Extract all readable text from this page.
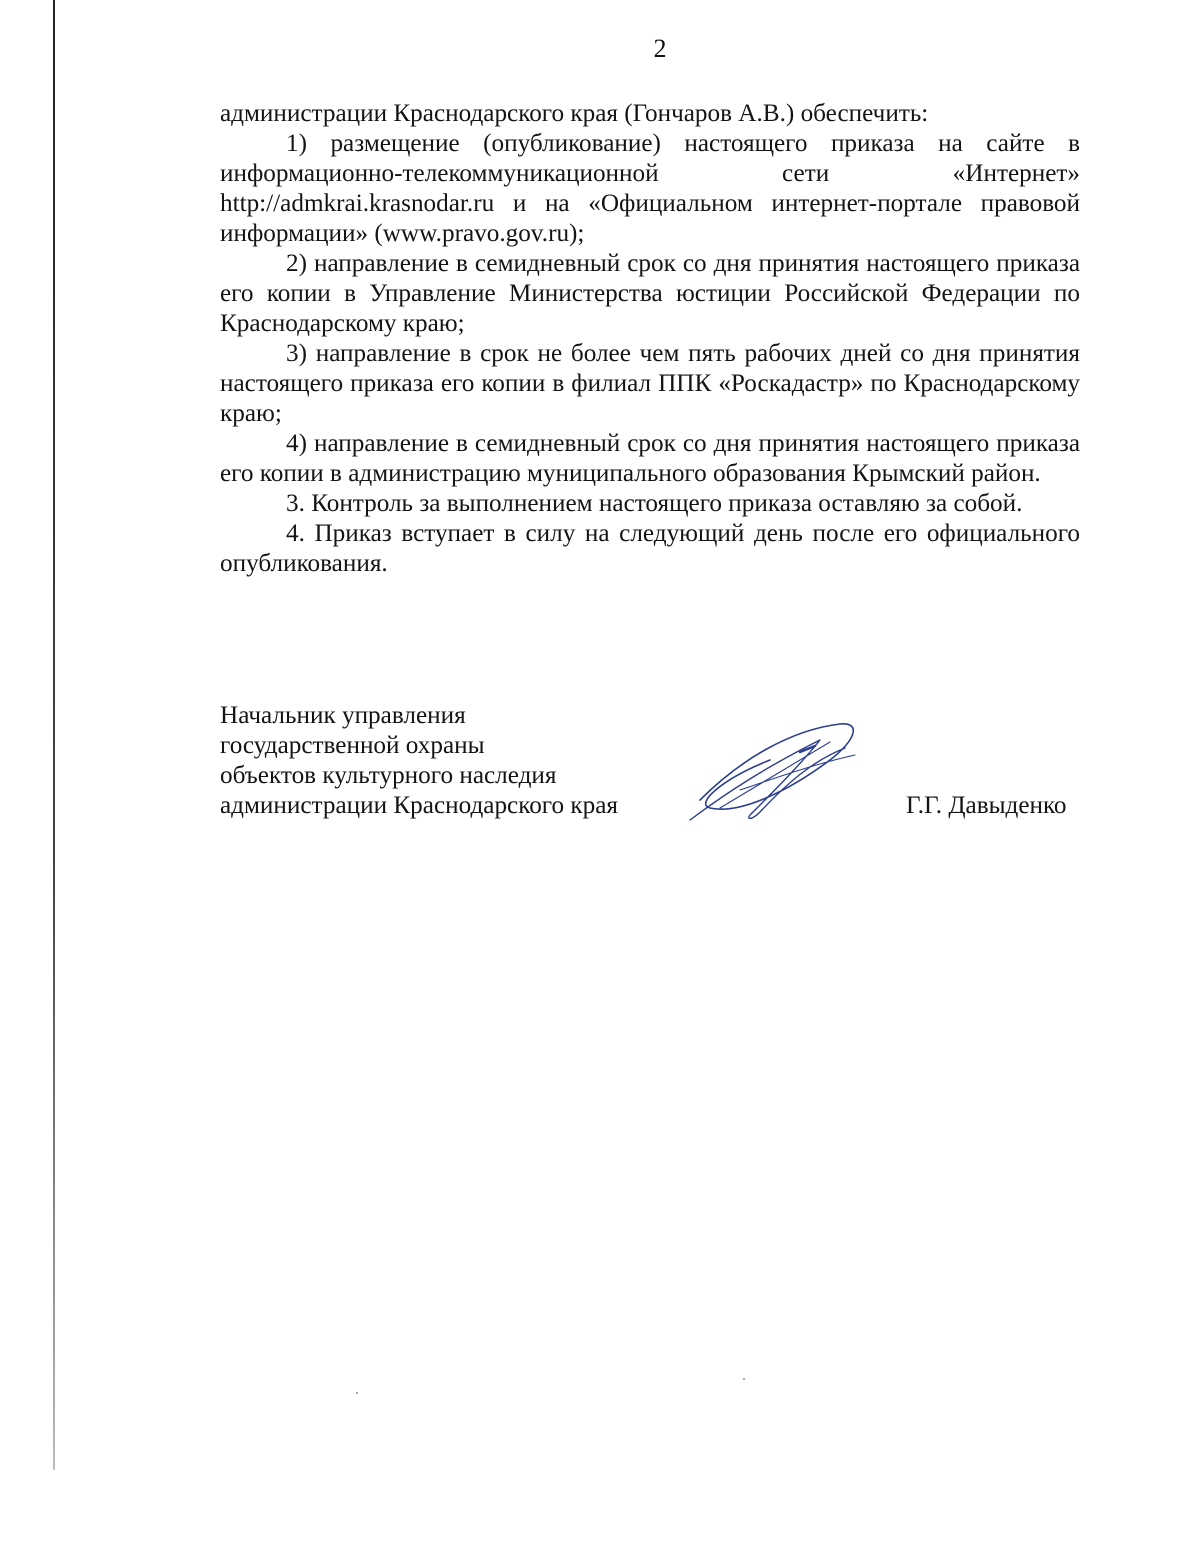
2

администрации Краснодарского края (Гончаров А.В.) обеспечить:

1) размещение (опубликование) настоящего приказа на сайте в информационно-телекоммуникационной сети «Интернет» http://admkrai.krasnodar.ru и на «Официальном интернет-портале правовой информации» (www.pravo.gov.ru);

2) направление в семидневный срок со дня принятия настоящего приказа его копии в Управление Министерства юстиции Российской Федерации по Краснодарскому краю;

3) направление в срок не более чем пять рабочих дней со дня принятия настоящего приказа его копии в филиал ППК «Роскадастр» по Краснодарскому краю;

4) направление в семидневный срок со дня принятия настоящего приказа его копии в администрацию муниципального образования Крымский район.

3. Контроль за выполнением настоящего приказа оставляю за собой.

4. Приказ вступает в силу на следующий день после его официального опубликования.

Начальник управления
государственной охраны
объектов культурного наследия
администрации Краснодарского края	Г.Г. Давыденко
